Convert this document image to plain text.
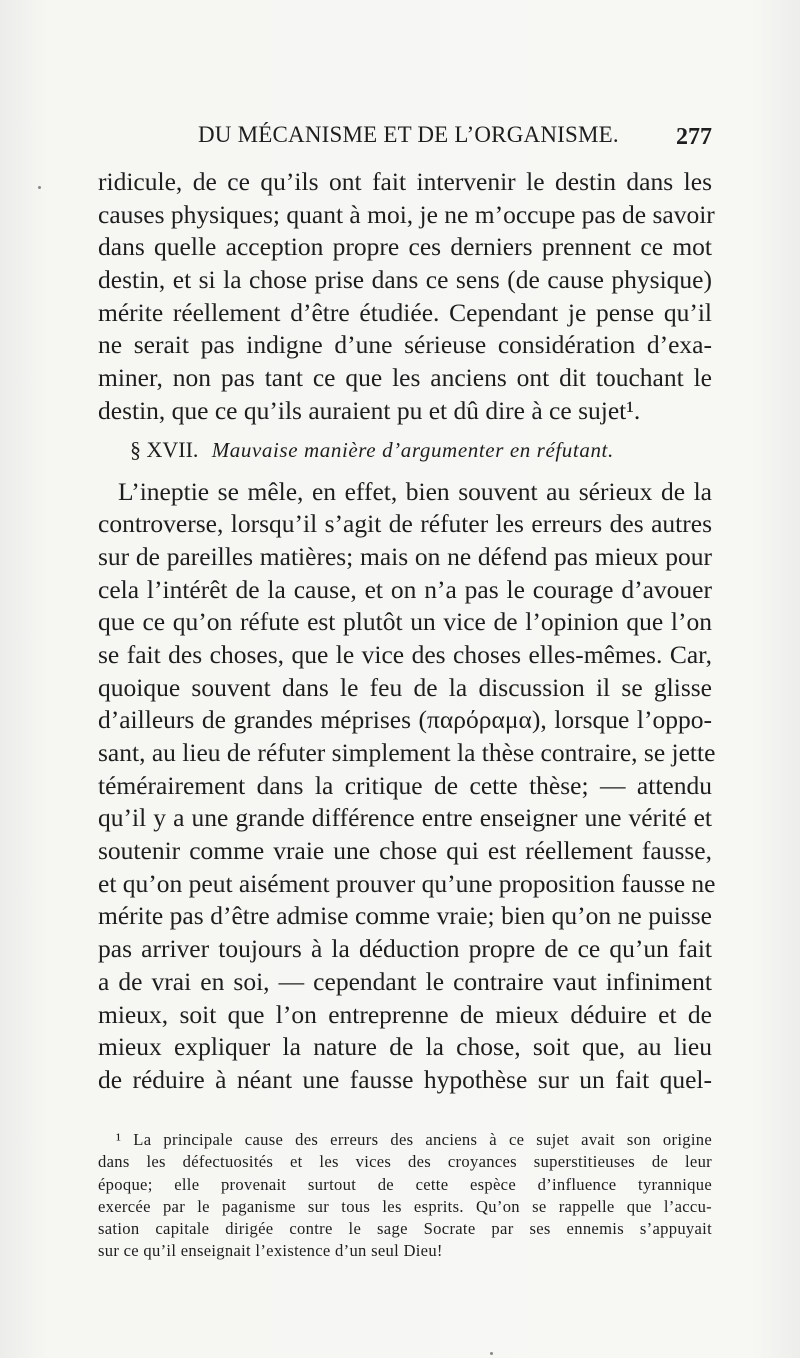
DU MÉCANISME ET DE L’ORGANISME. 277
ridicule, de ce qu’ils ont fait intervenir le destin dans les
causes physiques; quant à moi, je ne m’occupe pas de savoir
dans quelle acception propre ces derniers prennent ce mot
destin, et si la chose prise dans ce sens (de cause physique)
mérite réellement d’être étudiée. Cependant je pense qu’il
ne serait pas indigne d’une sérieuse considération d’exa-
miner, non pas tant ce que les anciens ont dit touchant le
destin, que ce qu’ils auraient pu et dû dire à ce sujet¹.
§ XVII. Mauvaise manière d’argumenter en réfutant.
L’ineptie se mêle, en effet, bien souvent au sérieux de la
controverse, lorsqu’il s’agit de réfuter les erreurs des autres
sur de pareilles matières; mais on ne défend pas mieux pour
cela l’intérêt de la cause, et on n’a pas le courage d’avouer
que ce qu’on réfute est plutôt un vice de l’opinion que l’on
se fait des choses, que le vice des choses elles-mêmes. Car,
quoique souvent dans le feu de la discussion il se glisse
d’ailleurs de grandes méprises (παρόραμα), lorsque l’oppo-
sant, au lieu de réfuter simplement la thèse contraire, se jette
témérairement dans la critique de cette thèse; — attendu
qu’il y a une grande différence entre enseigner une vérité et
soutenir comme vraie une chose qui est réellement fausse,
et qu’on peut aisément prouver qu’une proposition fausse ne
mérite pas d’être admise comme vraie; bien qu’on ne puisse
pas arriver toujours à la déduction propre de ce qu’un fait
a de vrai en soi, — cependant le contraire vaut infiniment
mieux, soit que l’on entreprenne de mieux déduire et de
mieux expliquer la nature de la chose, soit que, au lieu
de réduire à néant une fausse hypothèse sur un fait quel-
¹ La principale cause des erreurs des anciens à ce sujet avait son origine
dans les défectuosités et les vices des croyances superstitieuses de leur
époque; elle provenait surtout de cette espèce d’influence tyrannique
exercée par le paganisme sur tous les esprits. Qu’on se rappelle que l’accu-
sation capitale dirigée contre le sage Socrate par ses ennemis s’appuyait
sur ce qu’il enseignait l’existence d’un seul Dieu!
